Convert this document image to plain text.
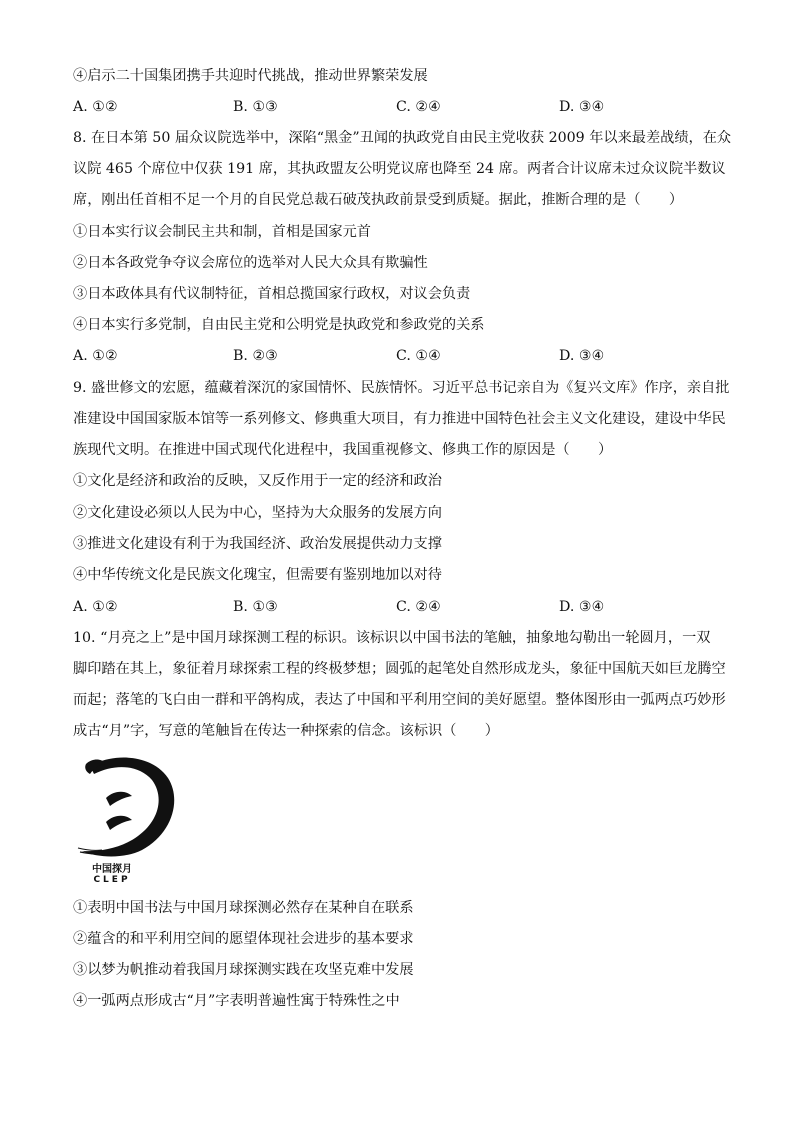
④启示二十国集团携手共迎时代挑战，推动世界繁荣发展
A. ①②	B. ①③	C. ②④	D. ③④
8. 在日本第 50 届众议院选举中，深陷“黑金”丑闻的执政党自由民主党收获 2009 年以来最差战绩，在众
议院 465 个席位中仅获 191 席，其执政盟友公明党议席也降至 24 席。两者合计议席未过众议院半数议
席，刚出任首相不足一个月的自民党总裁石破茂执政前景受到质疑。据此，推断合理的是（　　）
①日本实行议会制民主共和制，首相是国家元首
②日本各政党争夺议会席位的选举对人民大众具有欺骗性
③日本政体具有代议制特征，首相总揽国家行政权，对议会负责
④日本实行多党制，自由民主党和公明党是执政党和参政党的关系
A. ①②	B. ②③	C. ①④	D. ③④
9. 盛世修文的宏愿，蕴藏着深沉的家国情怀、民族情怀。习近平总书记亲自为《复兴文库》作序，亲自批
准建设中国国家版本馆等一系列修文、修典重大项目，有力推进中国特色社会主义文化建设，建设中华民
族现代文明。在推进中国式现代化进程中，我国重视修文、修典工作的原因是（　　）
①文化是经济和政治的反映，又反作用于一定的经济和政治
②文化建设必须以人民为中心，坚持为大众服务的发展方向
③推进文化建设有利于为我国经济、政治发展提供动力支撑
④中华传统文化是民族文化瑰宝，但需要有鉴别地加以对待
A. ①②	B. ①③	C. ②④	D. ③④
10. “月亮之上”是中国月球探测工程的标识。该标识以中国书法的笔触，抽象地勾勒出一轮圆月，一双
脚印踏在其上，象征着月球探索工程的终极梦想；圆弧的起笔处自然形成龙头，象征中国航天如巨龙腾空
而起；落笔的飞白由一群和平鸽构成，表达了中国和平利用空间的美好愿望。整体图形由一弧两点巧妙形
成古“月”字，写意的笔触旨在传达一种探索的信念。该标识（　　）
中国探月
CLEP
①表明中国书法与中国月球探测必然存在某种自在联系
②蕴含的和平利用空间的愿望体现社会进步的基本要求
③以梦为帆推动着我国月球探测实践在攻坚克难中发展
④一弧两点形成古“月”字表明普遍性寓于特殊性之中
